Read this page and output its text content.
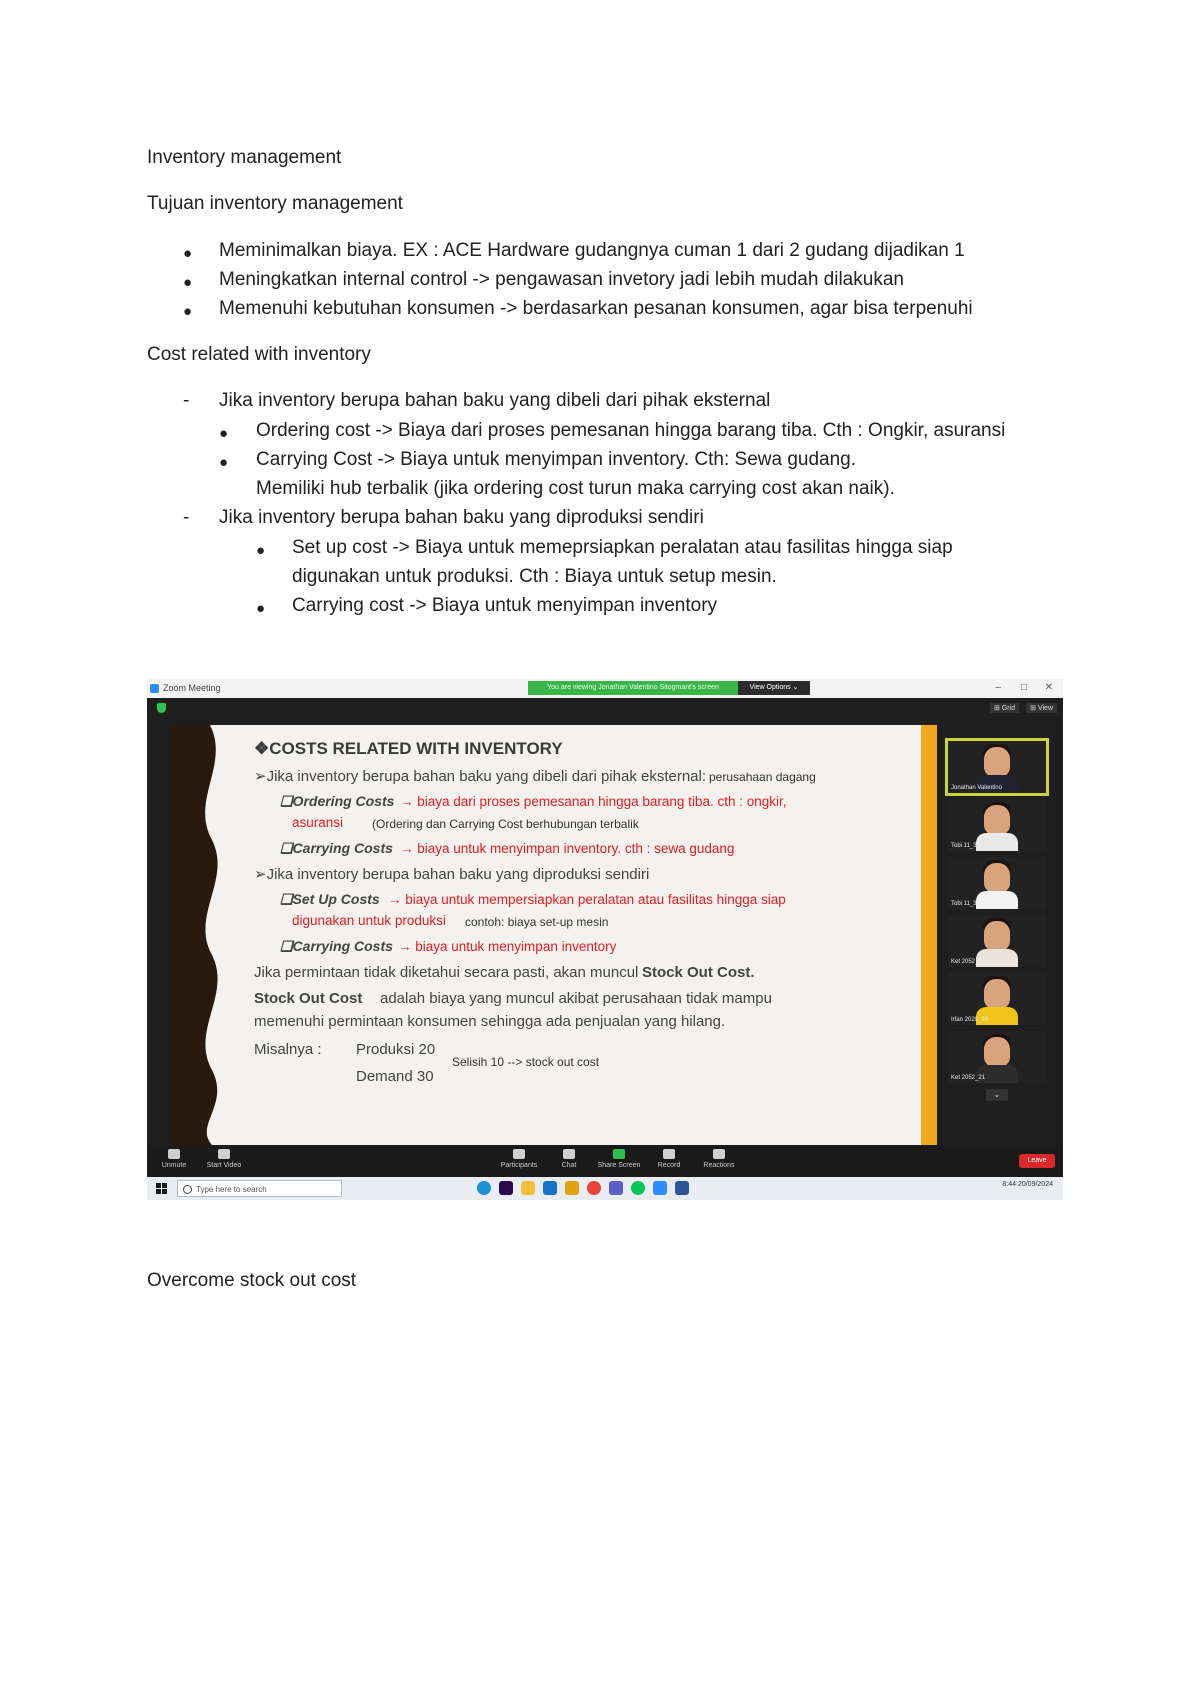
Inventory management
Tujuan inventory management
● Meminimalkan biaya. EX : ACE Hardware gudangnya cuman 1 dari 2 gudang dijadikan 1
● Meningkatkan internal control -> pengawasan invetory jadi lebih mudah dilakukan
● Memenuhi kebutuhan konsumen -> berdasarkan pesanan konsumen, agar bisa terpenuhi
Cost related with inventory
- Jika inventory berupa bahan baku yang dibeli dari pihak eksternal
● Ordering cost -> Biaya dari proses pemesanan hingga barang tiba. Cth : Ongkir, asuransi
● Carrying Cost -> Biaya untuk menyimpan inventory. Cth: Sewa gudang.
Memiliki hub terbalik (jika ordering cost turun maka carrying cost akan naik).
- Jika inventory berupa bahan baku yang diproduksi sendiri
● Set up cost -> Biaya untuk memeprsiapkan peralatan atau fasilitas hingga siap
digunakan untuk produksi. Cth : Biaya untuk setup mesin.
● Carrying cost -> Biaya untuk menyimpan inventory
Zoom Meeting	You are viewing Jonathan Valentino Sitogmant's screen	View Options ⌄	– □ ✕
⊞ Grid	⊞ View
❖COSTS RELATED WITH INVENTORY
➢Jika inventory berupa bahan baku yang dibeli dari pihak eksternal: perusahaan dagang
❑Ordering Costs → biaya dari proses pemesanan hingga barang tiba. cth : ongkir,
asuransi (Ordering dan Carrying Cost berhubungan terbalik
❑Carrying Costs → biaya untuk menyimpan inventory. cth : sewa gudang
➢Jika inventory berupa bahan baku yang diproduksi sendiri
❑Set Up Costs → biaya untuk mempersiapkan peralatan atau fasilitas hingga siap
digunakan untuk produksi contoh: biaya set-up mesin
❑Carrying Costs → biaya untuk menyimpan inventory
Jika permintaan tidak diketahui secara pasti, akan muncul Stock Out Cost.
Stock Out Cost adalah biaya yang muncul akibat perusahaan tidak mampu
memenuhi permintaan konsumen sehingga ada penjualan yang hilang.
Misalnya : Produksi 20
Selisih 10 --> stock out cost
Demand 30
Jonathan Valentino
Tobi 11_3.1
Tobi 11_3.2
Ket 2052_20
Irfan 2020_20
Ket 2052_21
⌄
Unmute	Start Video	Participants	Chat	Share Screen	Record	Reactions
Leave
Type here to search
8:44 20/09/2024
Overcome stock out cost
